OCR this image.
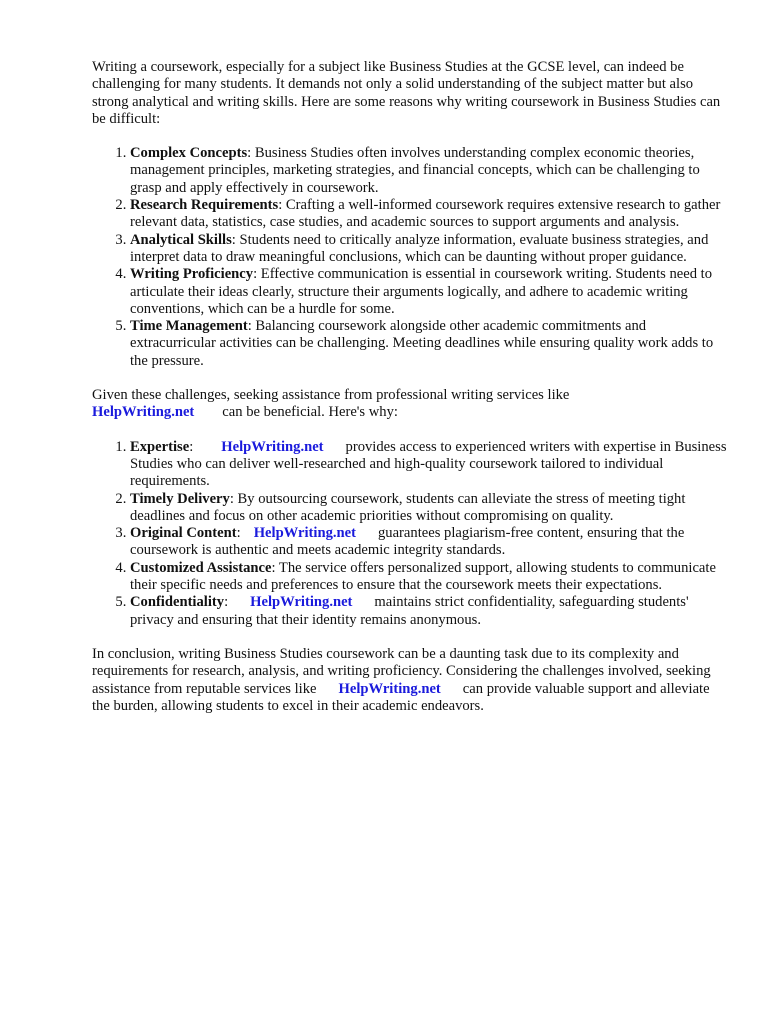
Writing a coursework, especially for a subject like Business Studies at the GCSE level, can indeed be challenging for many students. It demands not only a solid understanding of the subject matter but also strong analytical and writing skills. Here are some reasons why writing coursework in Business Studies can be difficult:

1. Complex Concepts: Business Studies often involves understanding complex economic theories, management principles, marketing strategies, and financial concepts, which can be challenging to grasp and apply effectively in coursework.
2. Research Requirements: Crafting a well-informed coursework requires extensive research to gather relevant data, statistics, case studies, and academic sources to support arguments and analysis.
3. Analytical Skills: Students need to critically analyze information, evaluate business strategies, and interpret data to draw meaningful conclusions, which can be daunting without proper guidance.
4. Writing Proficiency: Effective communication is essential in coursework writing. Students need to articulate their ideas clearly, structure their arguments logically, and adhere to academic writing conventions, which can be a hurdle for some.
5. Time Management: Balancing coursework alongside other academic commitments and extracurricular activities can be challenging. Meeting deadlines while ensuring quality work adds to the pressure.

Given these challenges, seeking assistance from professional writing services like
HelpWriting.net can be beneficial. Here's why:

1. Expertise: HelpWriting.net provides access to experienced writers with expertise in Business Studies who can deliver well-researched and high-quality coursework tailored to individual requirements.
2. Timely Delivery: By outsourcing coursework, students can alleviate the stress of meeting tight deadlines and focus on other academic priorities without compromising on quality.
3. Original Content: HelpWriting.net guarantees plagiarism-free content, ensuring that the coursework is authentic and meets academic integrity standards.
4. Customized Assistance: The service offers personalized support, allowing students to communicate their specific needs and preferences to ensure that the coursework meets their expectations.
5. Confidentiality: HelpWriting.net maintains strict confidentiality, safeguarding students' privacy and ensuring that their identity remains anonymous.

In conclusion, writing Business Studies coursework can be a daunting task due to its complexity and requirements for research, analysis, and writing proficiency. Considering the challenges involved, seeking assistance from reputable services like HelpWriting.net can provide valuable support and alleviate the burden, allowing students to excel in their academic endeavors.
